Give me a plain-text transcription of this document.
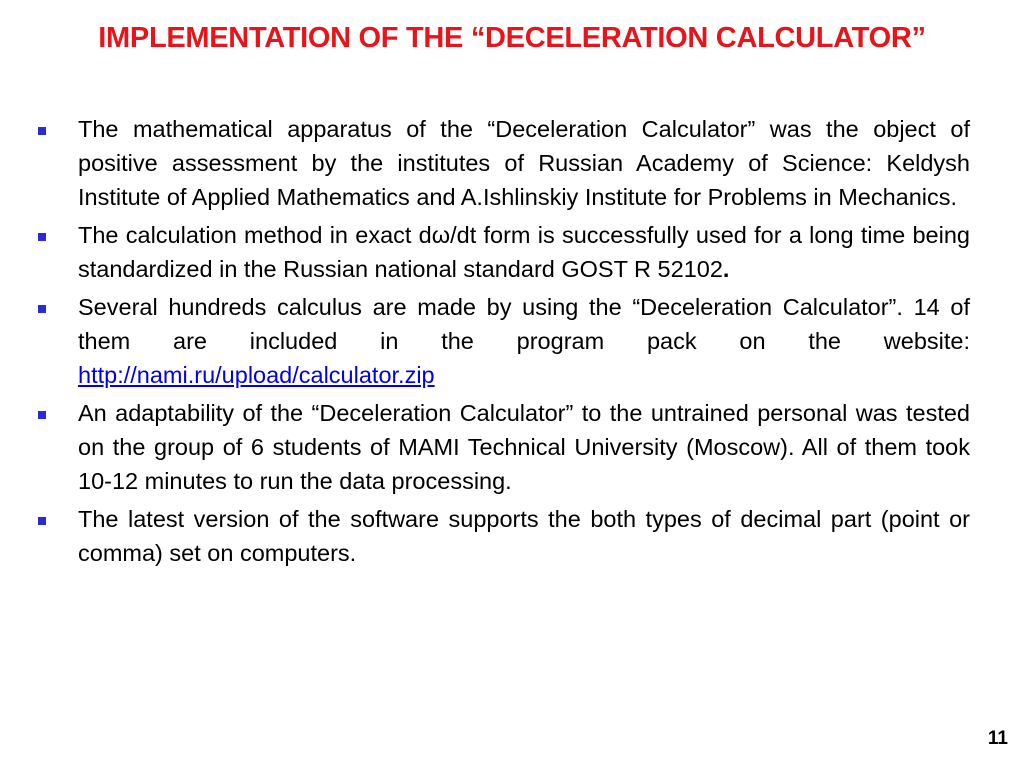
IMPLEMENTATION OF THE “DECELERATION CALCULATOR”
The mathematical apparatus of the “Deceleration Calculator” was the object of positive assessment by the institutes of Russian Academy of Science: Keldysh Institute of Applied Mathematics and A.Ishlinskiy Institute for Problems in Mechanics.
The calculation method in exact dω/dt form is successfully used for a long time being standardized in the Russian national standard GOST R 52102.
Several hundreds calculus are made by using the “Deceleration Calculator”. 14 of them are included in the program pack on the website: http://nami.ru/upload/calculator.zip
An adaptability of the “Deceleration Calculator” to the untrained personal was tested on the group of 6 students of MAMI Technical University (Moscow). All of them took 10-12 minutes to run the data processing.
The latest version of the software supports the both types of decimal part (point or comma) set on computers.
11
